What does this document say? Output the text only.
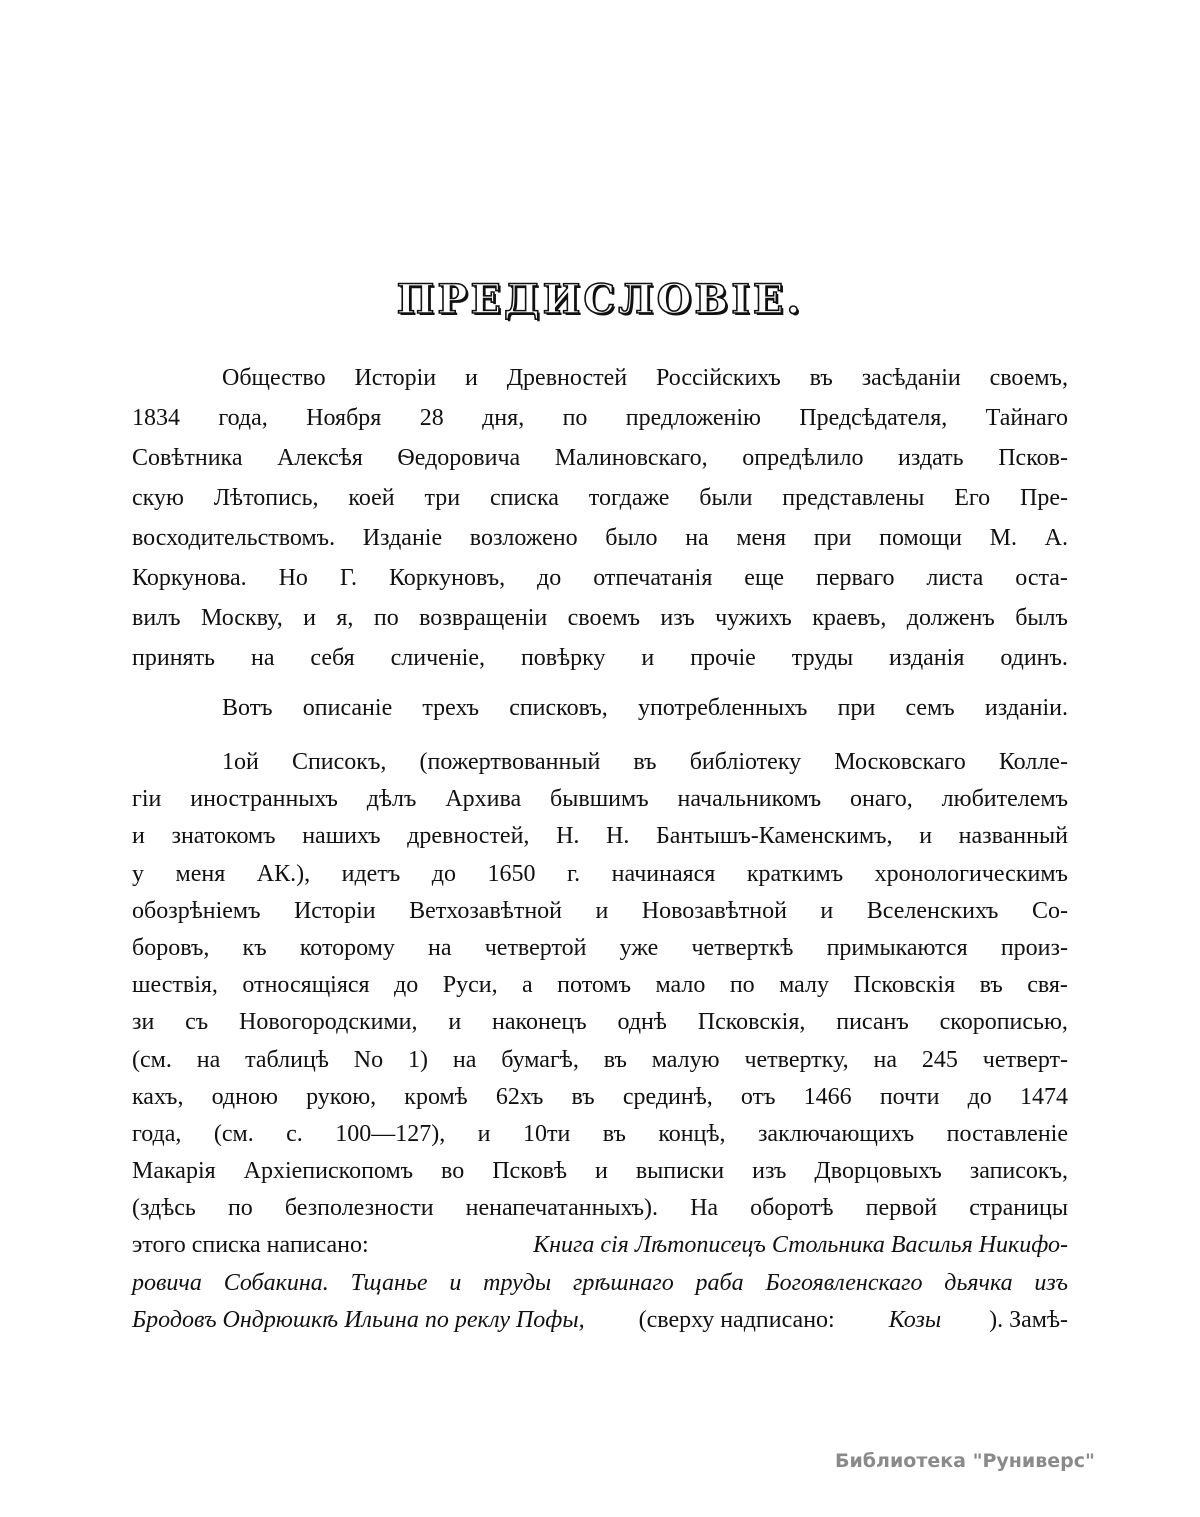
ПРЕДИСЛОВІЕ.
Общество Исторіи и Древностей Россійскихъ въ засѣданіи своемъ,
1834 года, Ноября 28 дня, по предложенію Предсѣдателя, Тайнаго
Совѣтника Алексѣя Ѳедоровича Малиновскаго, опредѣлило издать Псков-
скую Лѣтопись, коей три списка тогдаже были представлены Его Пре-
восходительствомъ. Изданіе возложено было на меня при помощи М. А.
Коркунова. Но Г. Коркуновъ, до отпечатанія еще перваго листа оста-
вилъ Москву, и я, по возвращеніи своемъ изъ чужихъ краевъ, долженъ былъ
принять на себя сличеніе, повѣрку и прочіе труды изданія одинъ.
Вотъ описаніе трехъ списковъ, употребленныхъ при семъ изданіи.
1ой Списокъ, (пожертвованный въ библіотеку Московскаго Колле-
гіи иностранныхъ дѣлъ Архива бывшимъ начальникомъ онаго, любителемъ
и знатокомъ нашихъ древностей, Н. Н. Бантышъ-Каменскимъ, и названный
у меня АК.), идетъ до 1650 г. начинаяся краткимъ хронологическимъ
обозрѣніемъ Исторіи Ветхозавѣтной и Новозавѣтной и Вселенскихъ Со-
боровъ, къ которому на четвертой уже четверткѣ примыкаются произ-
шествія, относящіяся до Руси, а потомъ мало по малу Псковскія въ свя-
зи съ Новогородскими, и наконецъ однѣ Псковскія, писанъ скорописью,
(см. на таблицѣ No 1) на бумагѣ, въ малую четвертку, на 245 четверт-
кахъ, одною рукою, кромѣ 62хъ въ срединѣ, отъ 1466 почти до 1474
года, (см. с. 100—127), и 10ти въ концѣ, заключающихъ поставленіе
Макарія Архіепископомъ во Псковѣ и выписки изъ Дворцовыхъ записокъ,
(здѣсь по безполезности ненапечатанныхъ). На оборотѣ первой страницы
этого списка написано:	Книга сія Лѣтописецъ Стольника Василья Никифо-
ровича Собакина. Тщанье и труды грѣшнаго раба Богоявленскаго дьячка изъ
Бродовъ Ондрюшкѣ Ильина по реклу Пофы, (сверху надписано: Козы ). Замѣ-
Библиотека "Руниверс"
